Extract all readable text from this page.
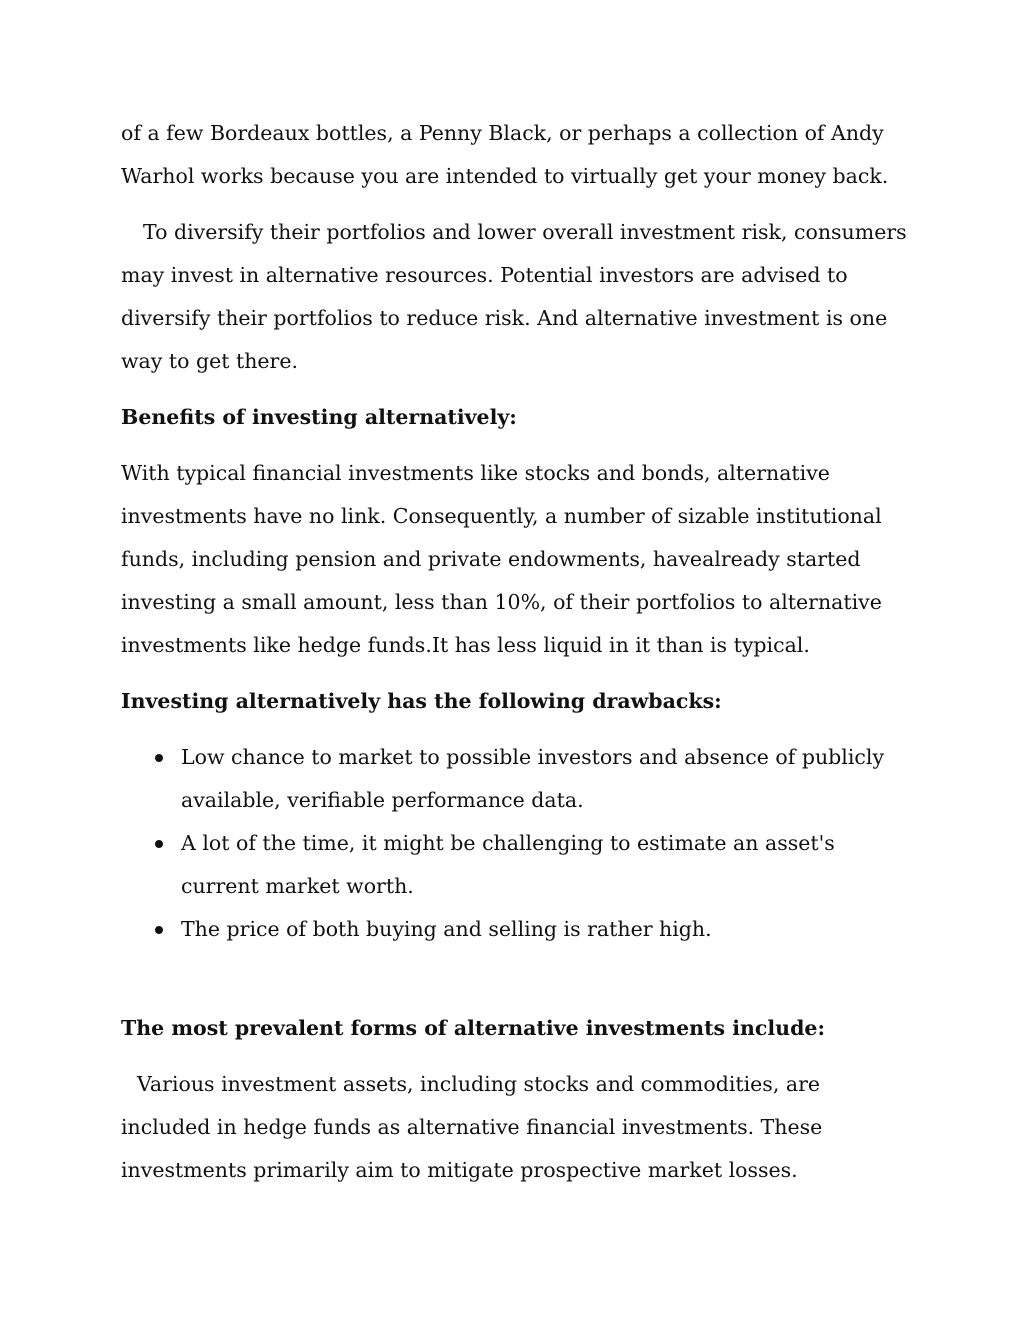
of a few Bordeaux bottles, a Penny Black, or perhaps a collection of Andy Warhol works because you are intended to virtually get your money back.

To diversify their portfolios and lower overall investment risk, consumers may invest in alternative resources. Potential investors are advised to diversify their portfolios to reduce risk. And alternative investment is one way to get there.

Benefits of investing alternatively:

With typical financial investments like stocks and bonds, alternative investments have no link. Consequently, a number of sizable institutional funds, including pension and private endowments, havealready started investing a small amount, less than 10%, of their portfolios to alternative investments like hedge funds.It has less liquid in it than is typical.

Investing alternatively has the following drawbacks:
Low chance to market to possible investors and absence of publicly available, verifiable performance data.
A lot of the time, it might be challenging to estimate an asset's current market worth.
The price of both buying and selling is rather high.
The most prevalent forms of alternative investments include:

Various investment assets, including stocks and commodities, are included in hedge funds as alternative financial investments. These investments primarily aim to mitigate prospective market losses.
